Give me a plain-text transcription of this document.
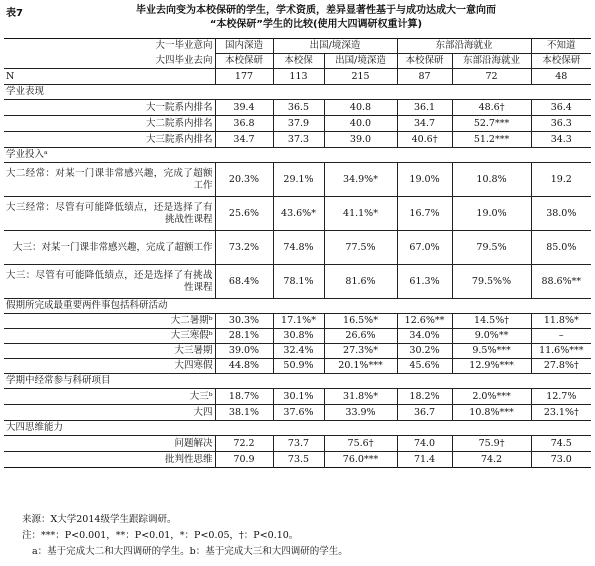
表7	毕业去向变为本校保研的学生，学术资质，差异显著性基于与成功达成大一意向而
“本校保研”学生的比较(使用大四调研权重计算)
大一毕业意向	国内深造	出国/境深造		东部沿海就业		不知道
大四毕业去向	本校保研	本校保	出国/境深造	本校保研	东部沿海就业	本校保研
N	177	113	215	87	72	48
学业表现						
大一院系内排名	39.4	36.5	40.8	36.1	48.6†	36.4
大二院系内排名	36.8	37.9	40.0	34.7	52.7***	36.3
大三院系内排名	34.7	37.3	39.0	40.6†	51.2***	34.3
学业投入ᵃ						
大二经常：对某一门课非常感兴趣，完成了超额工作	20.3%	29.1%	34.9%*	19.0%	10.8%	19.2
大三经常：尽管有可能降低绩点，还是选择了有挑战性课程	25.6%	43.6%*	41.1%*	16.7%	19.0%	38.0%
大三：对某一门课非常感兴趣，完成了超额工作	73.2%	74.8%	77.5%	67.0%	79.5%	85.0%
大三：尽管有可能降低绩点，还是选择了有挑战性课程	68.4%	78.1%	81.6%	61.3%	79.5%%	88.6%**
假期所完成最重要两件事包括科研活动						
大二暑期ᵇ	30.3%	17.1%*	16.5%*	12.6%**	14.5%†	11.8%*
大三寒假ᵇ	28.1%	30.8%	26.6%	34.0%	9.0%**	–
大三暑期	39.0%	32.4%	27.3%*	30.2%	9.5%***	11.6%***
大四寒假	44.8%	50.9%	20.1%***	45.6%	12.9%***	27.8%†
学期中经常参与科研项目						
大三ᵇ	18.7%	30.1%	31.8%*	18.2%	2.0%***	12.7%
大四	38.1%	37.6%	33.9%	36.7	10.8%***	23.1%†
大四思维能力						
问题解决	72.2	73.7	75.6†	74.0	75.9†	74.5
批判性思维	70.9	73.5	76.0***	71.4	74.2	73.0
来源：X大学2014级学生跟踪调研。
注：***：P<0.001，**：P<0.01，*：P<0.05，†：P<0.10。
a：基于完成大二和大四调研的学生。b：基于完成大三和大四调研的学生。
